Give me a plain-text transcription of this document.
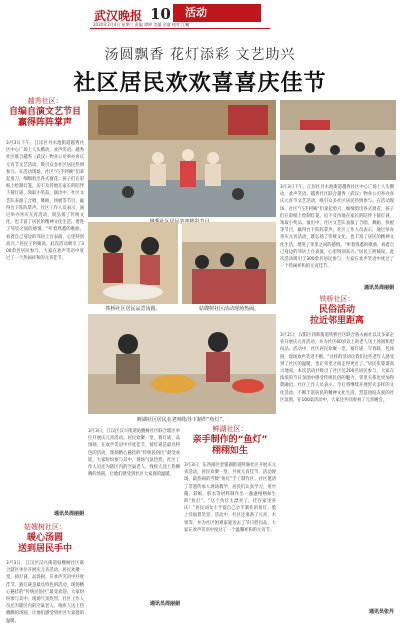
武汉晚报 10	活动
2020年3月4日 星期三 责编 谭婷 美编 金童 校对 江曦
汤圆飘香 花灯添彩 文艺助兴
社区居民欢欢喜喜庆佳节
越秀社区：
自编自演文艺节目
赢得阵阵掌声
3月3日下午，江岸区丹水池街道越秀社区中心广场上人头攒动，欢声笑语。越秀社区联合越秀（武汉）物业公司举办喜庆元宵节文艺活动，吸引众多社区居民热情参与。在活动现场，社区“巧手阿姨”们拿起剪刀，细细剪出各式窗花；孩子们在彩纸上绘制灯笼，迫不及待地在家长的陪伴下猜灯谜、领取小奖品。演出中，社区文艺队表演了合唱、舞蹈、快板等节目，赢得台下阵阵掌声。社区工作人员表示，通过举办喜庆元宵活动，既弘扬了传统文化，也丰富了居民的精神文化生活，增进了邻里之间的感情。“听着熟悉的歌曲，看着自己身边的邻居上台表演，心里特别高兴。”居民王阿姨说。此次活动吸引了300余名居民参与，大家在欢声笑语中度过了一个热闹祥和的元宵佳节。
通讯员周丽娟
姑嫂树社区：
暖心汤圆
送到居民手中
3月3日，江汉区汉兴街道姑嫂树社区联合辖区单位开展庆元宵活动。居民欢聚一堂，猜灯谜、品汤圆，在欢声笑语中共度佳节。猜灯谜是最具特色的活动，现场精心悬挂的“传统民俗区”最受欢迎，大家纷纷参与其中，现场气氛热烈。社区工作人员还为辖区内的空巢老人、残疾人送上热腾腾的汤圆，让他们感受到社区大家庭的温暖。
铁桥社区居民品尝汤圆。	姑嫂树社区活动现场热闹。
鲜湖社区居民在老师指导下制作“鱼灯”。
3月3日，江汉区汉兴街道姑嫂树社区联合辖区单位开展庆元宵活动。居民欢聚一堂，猜灯谜、品汤圆，在欢声笑语中共度佳节。猜灯谜是最具特色的活动，现场精心悬挂的“传统民俗区”最受欢迎，大家纷纷参与其中，现场气氛热烈。社区工作人员还为辖区内的空巢老人、残疾人送上热腾腾的汤圆，让他们感受到社区大家庭的温暖。
通讯员周丽娟
鲜湖社区：
亲手制作的“鱼灯”
栩栩如生
3月3日，东西湖区金银湖街道鲜湖社区开展庆元宵活动，居民欢聚一堂，共度元宵佳节。活动现场，最热闹的当数“鱼灯”手工制作区。社区邀请了非遗传承人现场教学，居民们认真学习，用竹篾、彩纸、胶水等材料制作出一盏盏栩栩如生的“鱼灯”。“这个鱼灯太漂亮了，挂在家里喜庆！”居民刘女士手提自己亲手制作的鱼灯，脸上洋溢着笑容。活动中，社区还准备了元宵、水果等，并为社区困难家庭送去了节日慰问品，大家在欢声笑语中度过了一个温馨祥和的元宵节。
3月3日下午，江岸区丹水池街道越秀社区中心广场上人头攒动，欢声笑语。越秀社区联合越秀（武汉）物业公司举办喜庆元宵节文艺活动，吸引众多社区居民热情参与。在活动现场，社区“巧手阿姨”们拿起剪刀，细细剪出各式窗花；孩子们在彩纸上绘制灯笼，迫不及待地在家长的陪伴下猜灯谜、领取小奖品。演出中，社区文艺队表演了合唱、舞蹈、快板等节目，赢得台下阵阵掌声。社区工作人员表示，通过举办喜庆元宵活动，既弘扬了传统文化，也丰富了居民的精神文化生活，增进了邻里之间的感情。“听着熟悉的歌曲，看着自己身边的邻居上台表演，心里特别高兴。”居民王阿姨说。此次活动吸引了300余名居民参与，大家在欢声笑语中度过了一个热闹祥和的元宵佳节。
通讯员周丽娟
铁桥社区：
民俗活动
拉近邻里距离
3月2日，汉阳区四新街道铁桥社区联合鲁夫画社以及多家企业开展庆元宵活动，并为社区60岁以上的老人送上汤圆和慰问品。活动中，社区居民欢聚一堂，猜灯谜、写春联、包汤圆，现场欢声笑语不断。“这样的活动让我们这些老年人感受到了社区的温暖，也让邻里之间走得更近了。”居民张婆婆高兴地说。本次活动共吸引了社区近200名居民参与，大家在浓浓的节日氛围中感受传统民俗的魅力，邻里关系也更加和谐融洽。社区工作人员表示，今后将继续开展形式多样的文化活动，不断丰富居民的精神文化生活，营造团结友爱的社区氛围。在100桌活动中，大家还共同观看了元宵晚会。
通讯员张丹
